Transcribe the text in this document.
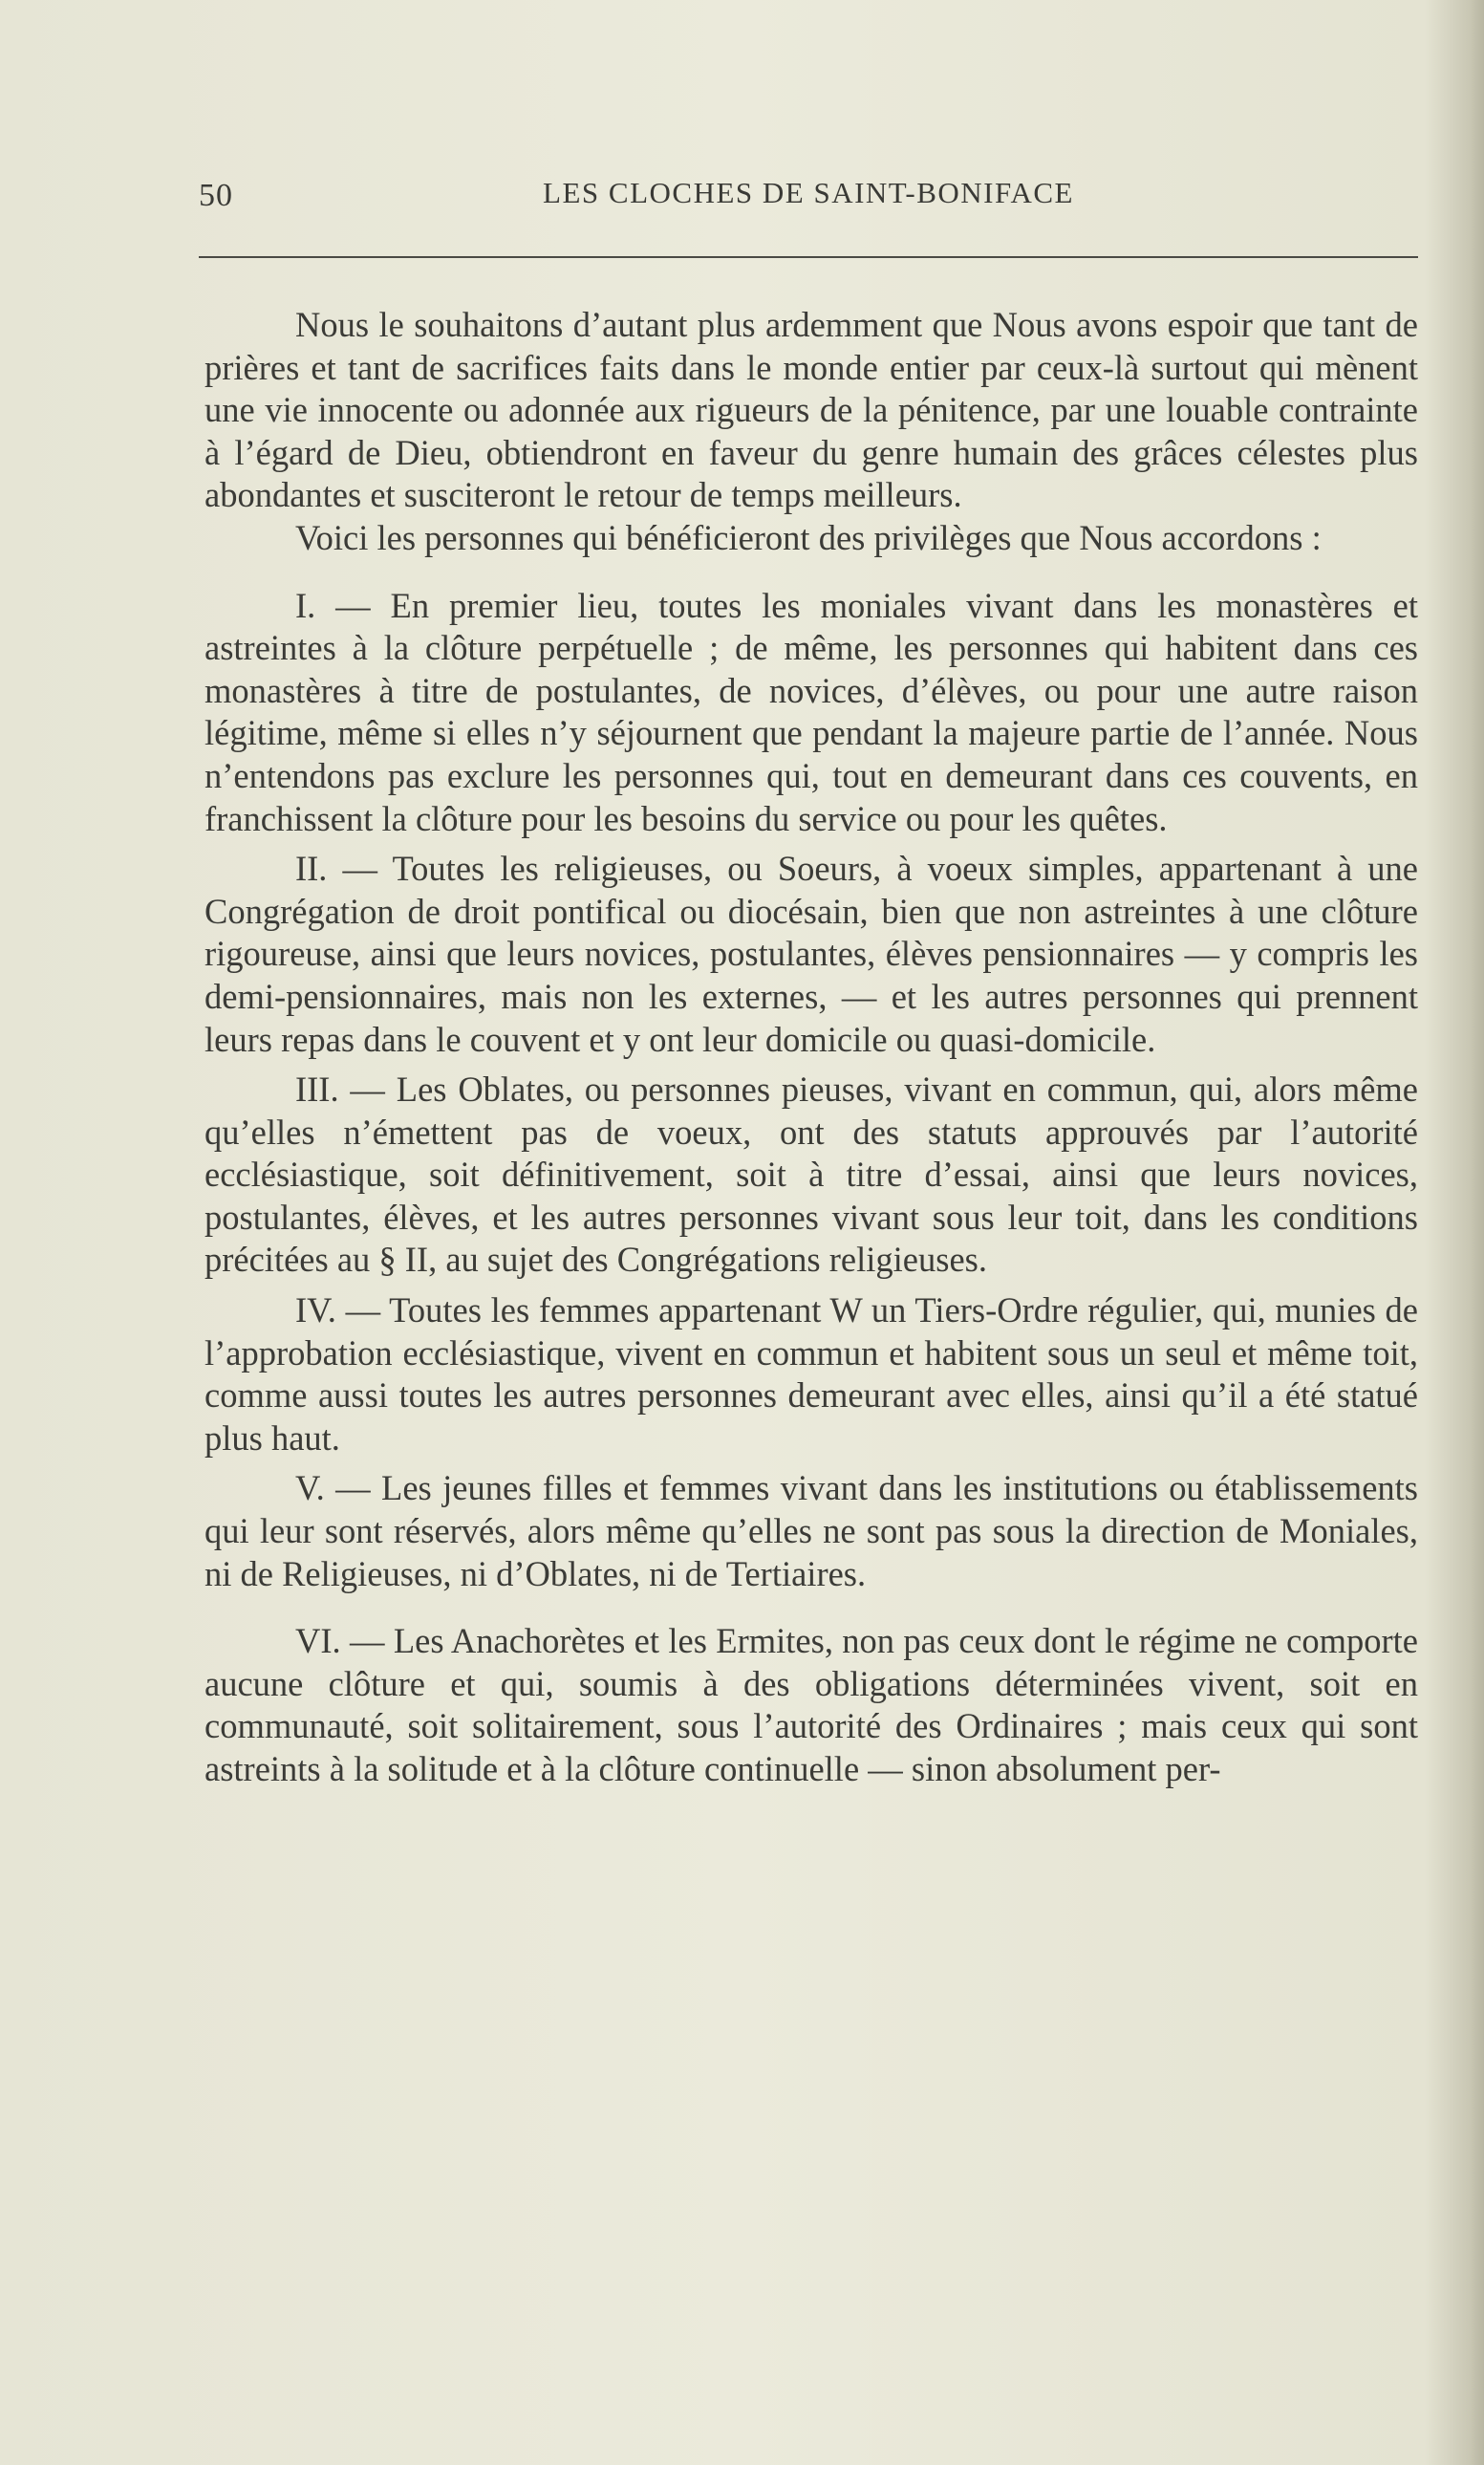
50	LES CLOCHES DE SAINT-BONIFACE

Nous le souhaitons d’autant plus ardemment que Nous avons espoir que tant de prières et tant de sacrifices faits dans le monde entier par ceux-là surtout qui mènent une vie innocente ou adonnée aux rigueurs de la pénitence, par une louable contrainte à l’égard de Dieu, obtiendront en faveur du genre humain des grâces célestes plus abondantes et susciteront le retour de temps meilleurs.

Voici les personnes qui bénéficieront des privilèges que Nous accordons :

I. — En premier lieu, toutes les moniales vivant dans les monastères et astreintes à la clôture perpétuelle ; de même, les personnes qui habitent dans ces monastères à titre de postulantes, de novices, d’élèves, ou pour une autre raison légitime, même si elles n’y séjournent que pendant la majeure partie de l’année. Nous n’entendons pas exclure les personnes qui, tout en demeurant dans ces couvents, en franchissent la clôture pour les besoins du service ou pour les quêtes.

II. — Toutes les religieuses, ou Soeurs, à voeux simples, appartenant à une Congrégation de droit pontifical ou diocésain, bien que non astreintes à une clôture rigoureuse, ainsi que leurs novices, postulantes, élèves pensionnaires — y compris les demi-pensionnaires, mais non les externes, — et les autres personnes qui prennent leurs repas dans le couvent et y ont leur domicile ou quasi-domicile.

III. — Les Oblates, ou personnes pieuses, vivant en commun, qui, alors même qu’elles n’émettent pas de voeux, ont des statuts approuvés par l’autorité ecclésiastique, soit définitivement, soit à titre d’essai, ainsi que leurs novices, postulantes, élèves, et les autres personnes vivant sous leur toit, dans les conditions précitées au § II, au sujet des Congrégations religieuses.

IV. — Toutes les femmes appartenant W un Tiers-Ordre régulier, qui, munies de l’approbation ecclésiastique, vivent en commun et habitent sous un seul et même toit, comme aussi toutes les autres personnes demeurant avec elles, ainsi qu’il a été statué plus haut.

V. — Les jeunes filles et femmes vivant dans les institutions ou établissements qui leur sont réservés, alors même qu’elles ne sont pas sous la direction de Moniales, ni de Religieuses, ni d’Oblates, ni de Tertiaires.

VI. — Les Anachorètes et les Ermites, non pas ceux dont le régime ne comporte aucune clôture et qui, soumis à des obligations déterminées vivent, soit en communauté, soit solitairement, sous l’autorité des Ordinaires ; mais ceux qui sont astreints à la solitude et à la clôture continuelle — sinon absolument per-
